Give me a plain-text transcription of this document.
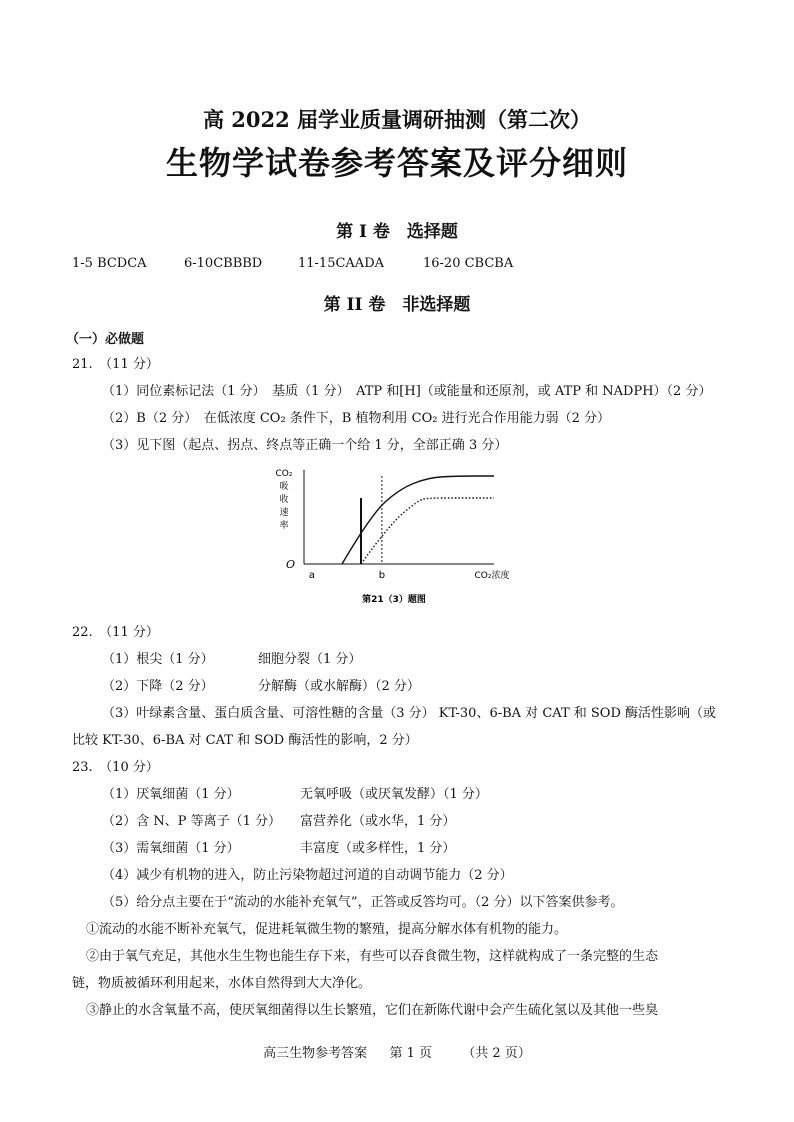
高 2022 届学业质量调研抽测（第二次）
生物学试卷参考答案及评分细则
第 I 卷　选择题
1-5 BCDCA	6-10CBBBD	11-15CAADA	16-20 CBCBA
第 II 卷　非选择题
（一）必做题
21.　（11 分）
（1）同位素标记法（1 分）　基质（1 分）　ATP 和[H]（或能量和还原剂，或 ATP 和 NADPH）（2 分）
（2）B（2 分）　在低浓度 CO₂ 条件下，B 植物利用 CO₂ 进行光合作用能力弱（2 分）
（3）见下图（起点、拐点、终点等正确一个给 1 分，全部正确 3 分）
CO₂ 吸收速率
O
CO₂浓度
第21（3）题图
a	b
22.　（11 分）
（1）根尖（1 分）	细胞分裂（1 分）
（2）下降（2 分）	分解酶（或水解酶）（2 分）
（3）叶绿素含量、蛋白质含量、可溶性糖的含量（3 分） KT-30、6-BA 对 CAT 和 SOD 酶活性影响（或
比较 KT-30、6-BA 对 CAT 和 SOD 酶活性的影响，2 分）
23.　（10 分）
（1）厌氧细菌（1 分）	无氧呼吸（或厌氧发酵）（1 分）
（2）含 N、P 等离子（1 分） 富营养化（或水华，1 分）
（3）需氧细菌（1 分）	丰富度（或多样性，1 分）
（4）减少有机物的进入，防止污染物超过河道的自动调节能力（2 分）
（5）给分点主要在于“流动的水能补充氧气”，正答或反答均可。（2 分）以下答案供参考。
①流动的水能不断补充氧气，促进耗氧微生物的繁殖，提高分解水体有机物的能力。
②由于氧气充足，其他水生生物也能生存下来，有些可以吞食微生物，这样就构成了一条完整的生态
链，物质被循环利用起来，水体自然得到大大净化。
③静止的水含氧量不高，使厌氧细菌得以生长繁殖，它们在新陈代谢中会产生硫化氢以及其他一些臭
高三生物参考答案 第 1 页 （共 2 页）
